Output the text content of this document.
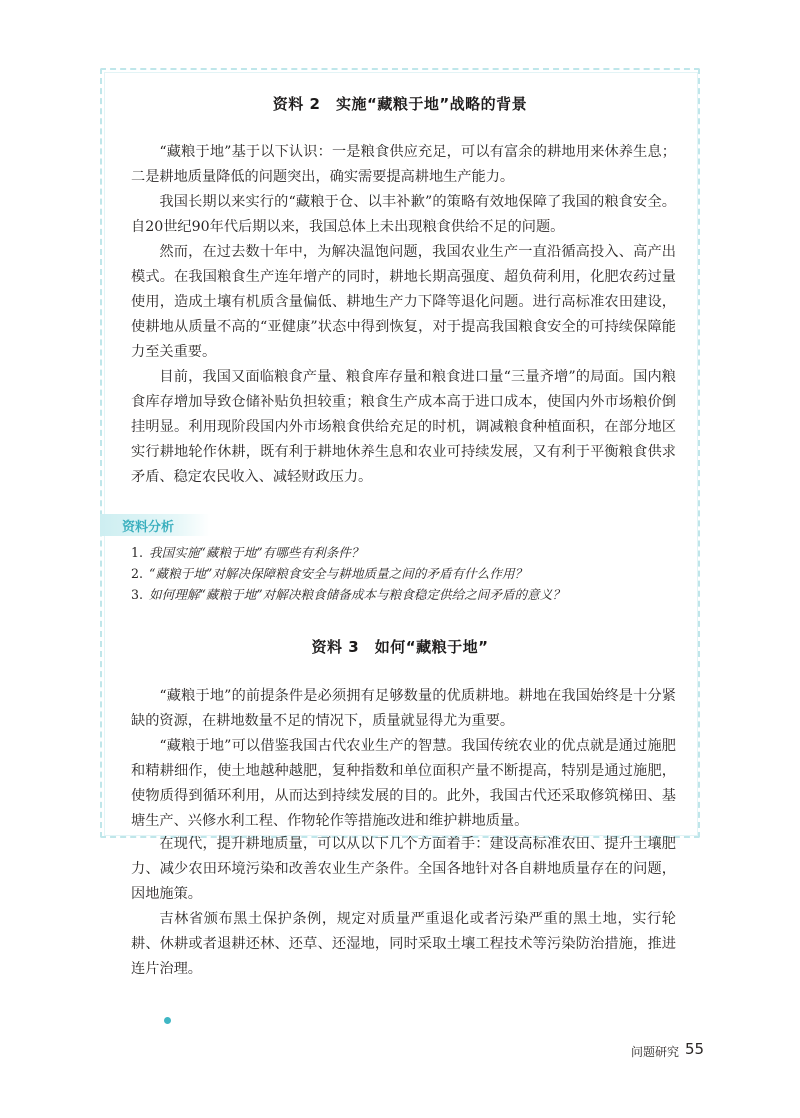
资料 2　实施“藏粮于地”战略的背景

“藏粮于地”基于以下认识：一是粮食供应充足，可以有富余的耕地用来休养生息；二是耕地质量降低的问题突出，确实需要提高耕地生产能力。

我国长期以来实行的“藏粮于仓、以丰补歉”的策略有效地保障了我国的粮食安全。自20世纪90年代后期以来，我国总体上未出现粮食供给不足的问题。

然而，在过去数十年中，为解决温饱问题，我国农业生产一直沿循高投入、高产出模式。在我国粮食生产连年增产的同时，耕地长期高强度、超负荷利用，化肥农药过量使用，造成土壤有机质含量偏低、耕地生产力下降等退化问题。进行高标准农田建设，使耕地从质量不高的“亚健康”状态中得到恢复，对于提高我国粮食安全的可持续保障能力至关重要。

目前，我国又面临粮食产量、粮食库存量和粮食进口量“三量齐增”的局面。国内粮食库存增加导致仓储补贴负担较重；粮食生产成本高于进口成本，使国内外市场粮价倒挂明显。利用现阶段国内外市场粮食供给充足的时机，调减粮食种植面积，在部分地区实行耕地轮作休耕，既有利于耕地休养生息和农业可持续发展，又有利于平衡粮食供求矛盾、稳定农民收入、减轻财政压力。

资料分析
1. 我国实施“藏粮于地”有哪些有利条件？
2. “藏粮于地”对解决保障粮食安全与耕地质量之间的矛盾有什么作用？
3. 如何理解“藏粮于地”对解决粮食储备成本与粮食稳定供给之间矛盾的意义？
资料 3　如何“藏粮于地”

“藏粮于地”的前提条件是必须拥有足够数量的优质耕地。耕地在我国始终是十分紧缺的资源，在耕地数量不足的情况下，质量就显得尤为重要。

“藏粮于地”可以借鉴我国古代农业生产的智慧。我国传统农业的优点就是通过施肥和精耕细作，使土地越种越肥，复种指数和单位面积产量不断提高，特别是通过施肥，使物质得到循环利用，从而达到持续发展的目的。此外，我国古代还采取修筑梯田、基塘生产、兴修水利工程、作物轮作等措施改进和维护耕地质量。

在现代，提升耕地质量，可以从以下几个方面着手：建设高标准农田、提升土壤肥力、减少农田环境污染和改善农业生产条件。全国各地针对各自耕地质量存在的问题，因地施策。

吉林省颁布黑土保护条例，规定对质量严重退化或者污染严重的黑土地，实行轮耕、休耕或者退耕还林、还草、还湿地，同时采取土壤工程技术等污染防治措施，推进连片治理。

问题研究 55
